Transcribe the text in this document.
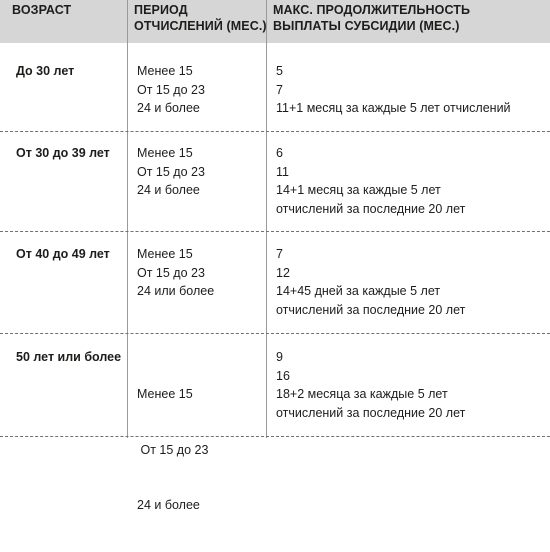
ВОЗРАСТ	ПЕРИОД
ОТЧИСЛЕНИЙ (МЕС.)
МАКС. ПРОДОЛЖИТЕЛЬНОСТЬ
ВЫПЛАТЫ СУБСИДИИ (МЕС.)
До 30 лет	Менее 15
От 15 до 23
24 и более
5
7
11+1 месяц за каждые 5 лет отчислений
От 30 до 39 лет Менее 15
От 15 до 23
24 и более
6
11
14+1 месяц за каждые 5 лет
отчислений за последние 20 лет
От 40 до 49 лет Менее 15
От 15 до 23
24 или более
7
12
14+45 дней за каждые 5 лет
отчислений за последние 20 лет
50 лет или более

Менее 15

От 15 до 23

24 и более

9
16
18+2 месяца за каждые 5 лет
отчислений за последние 20 лет
